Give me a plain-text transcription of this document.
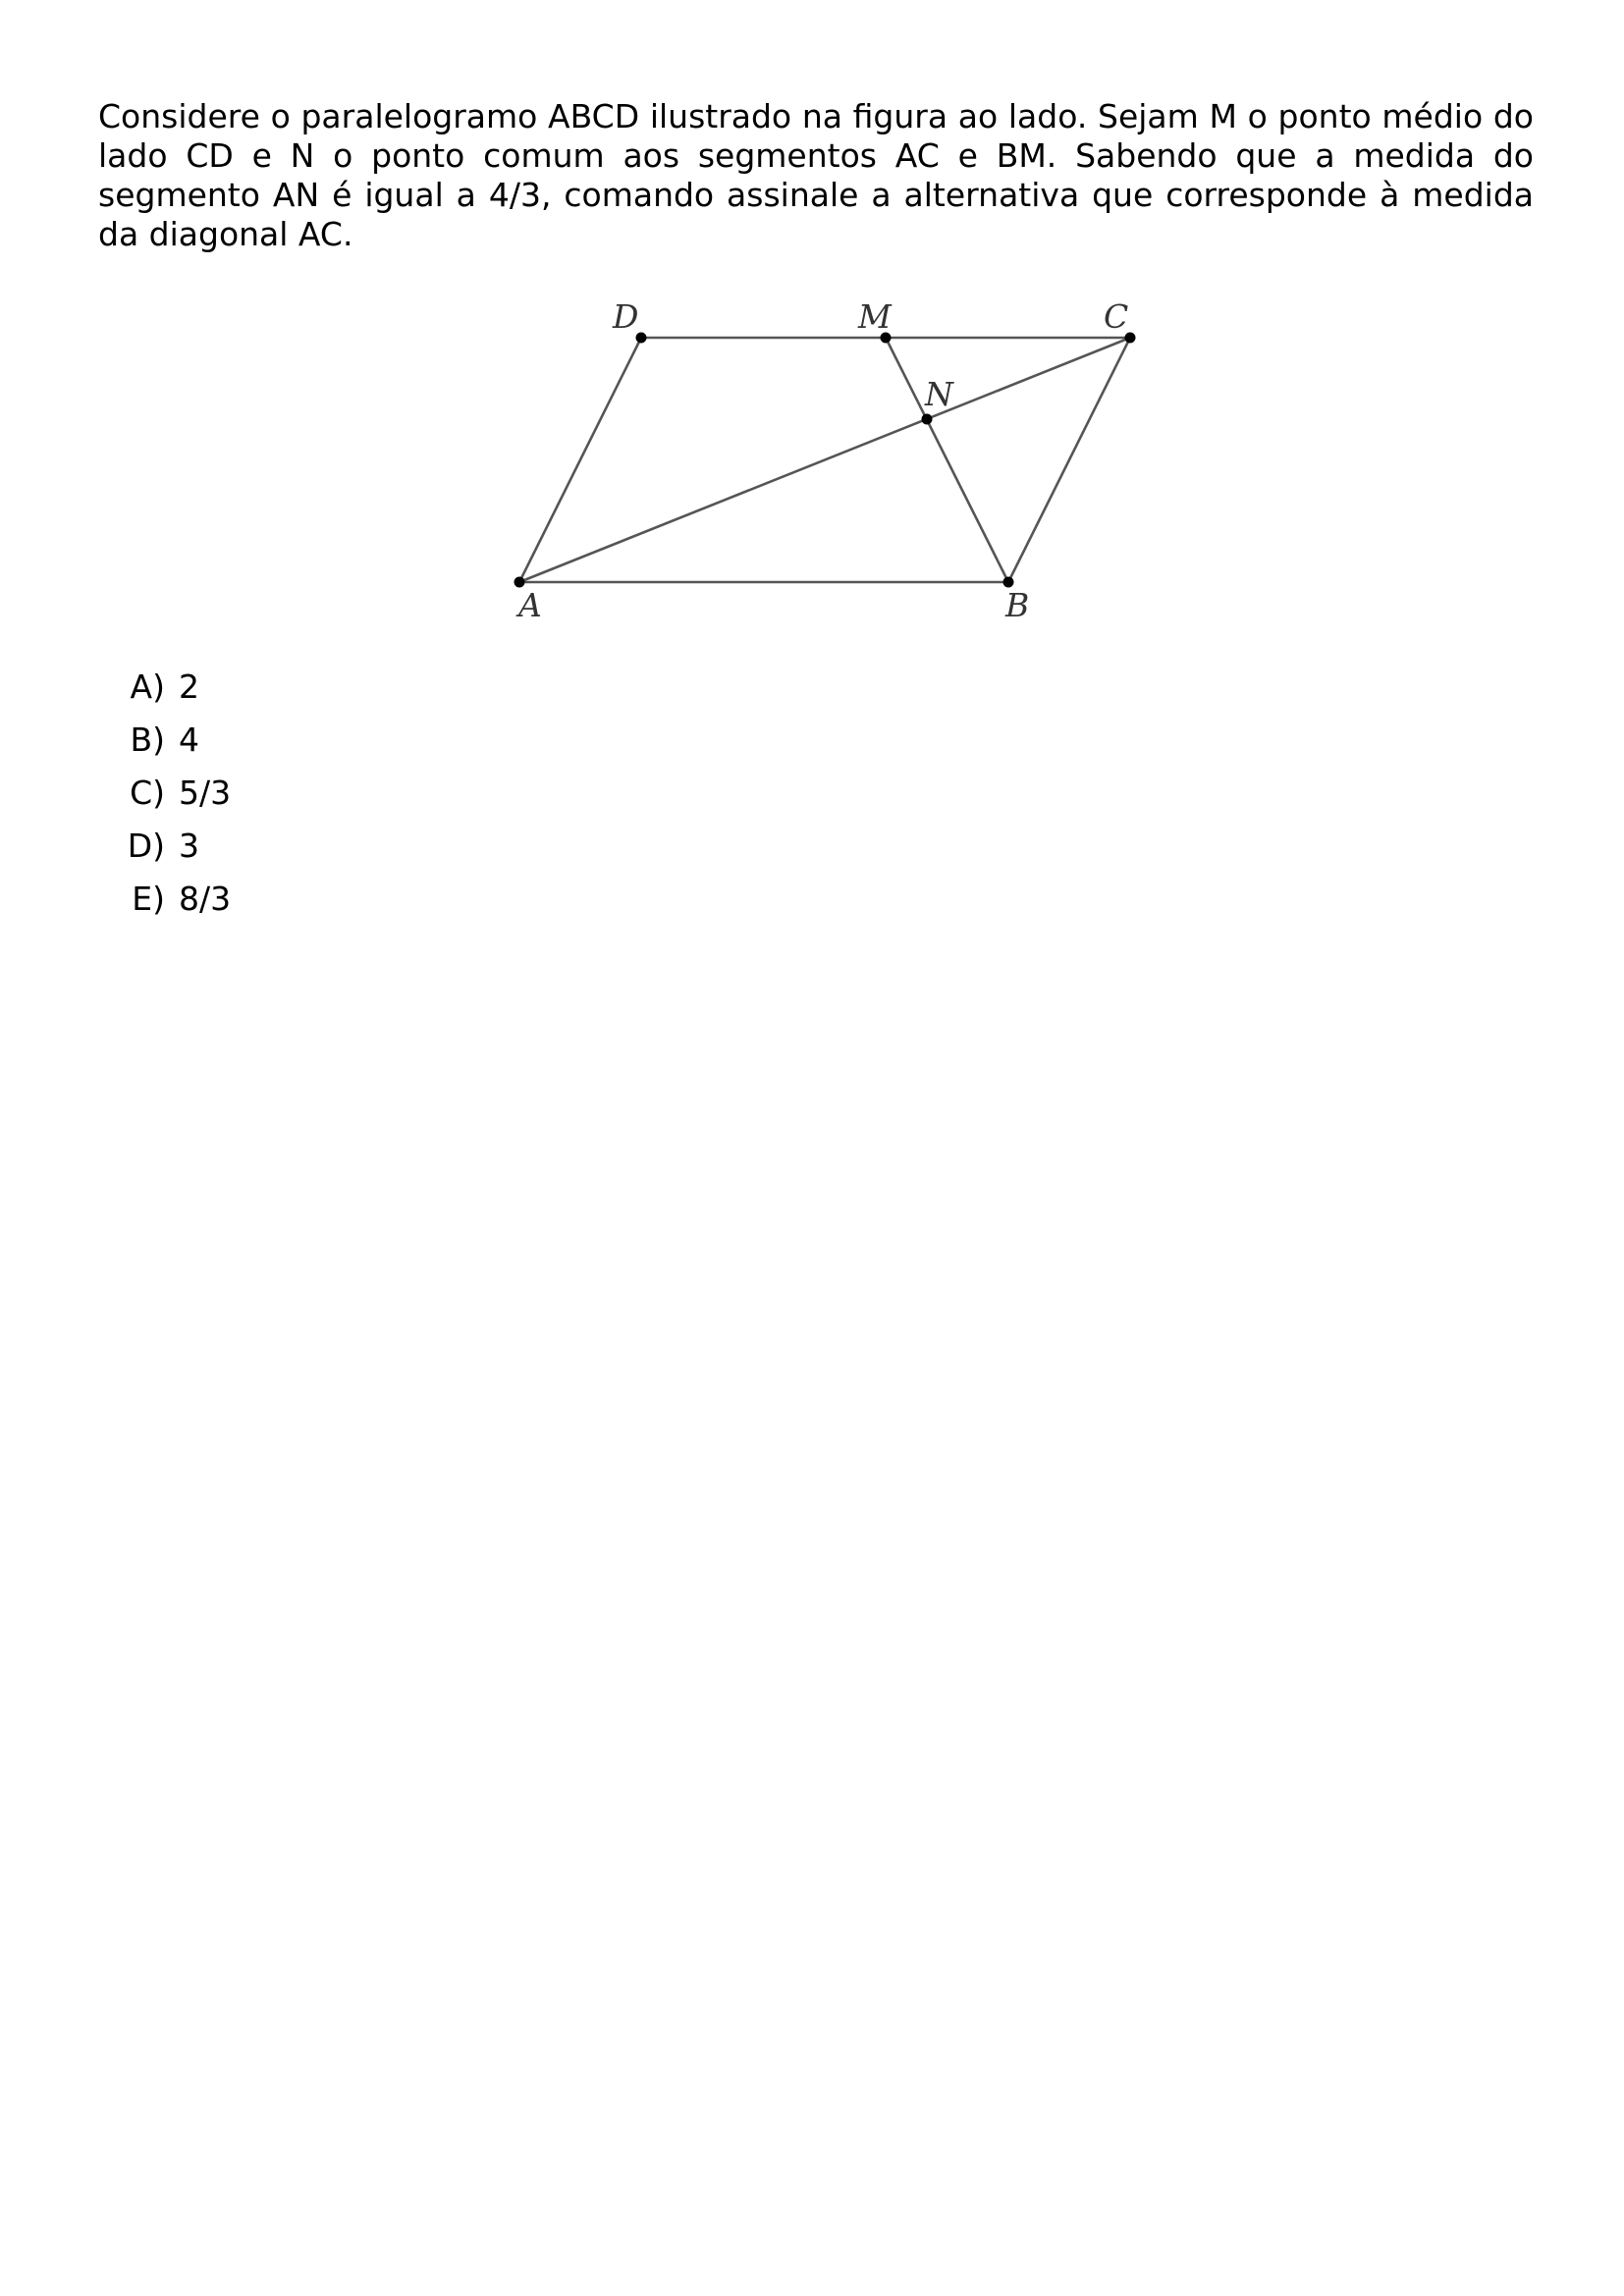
Considere o paralelogramo ABCD ilustrado na figura ao lado. Sejam M o ponto médio do lado CD e N o ponto comum aos segmentos AC e BM. Sabendo que a medida do segmento AN é igual a 4/3, comando assinale a alternativa que corresponde à medida da diagonal AC.

A	B
C
D	M
N
A) 2
B) 4
C) 5/3
D) 3
E) 8/3
